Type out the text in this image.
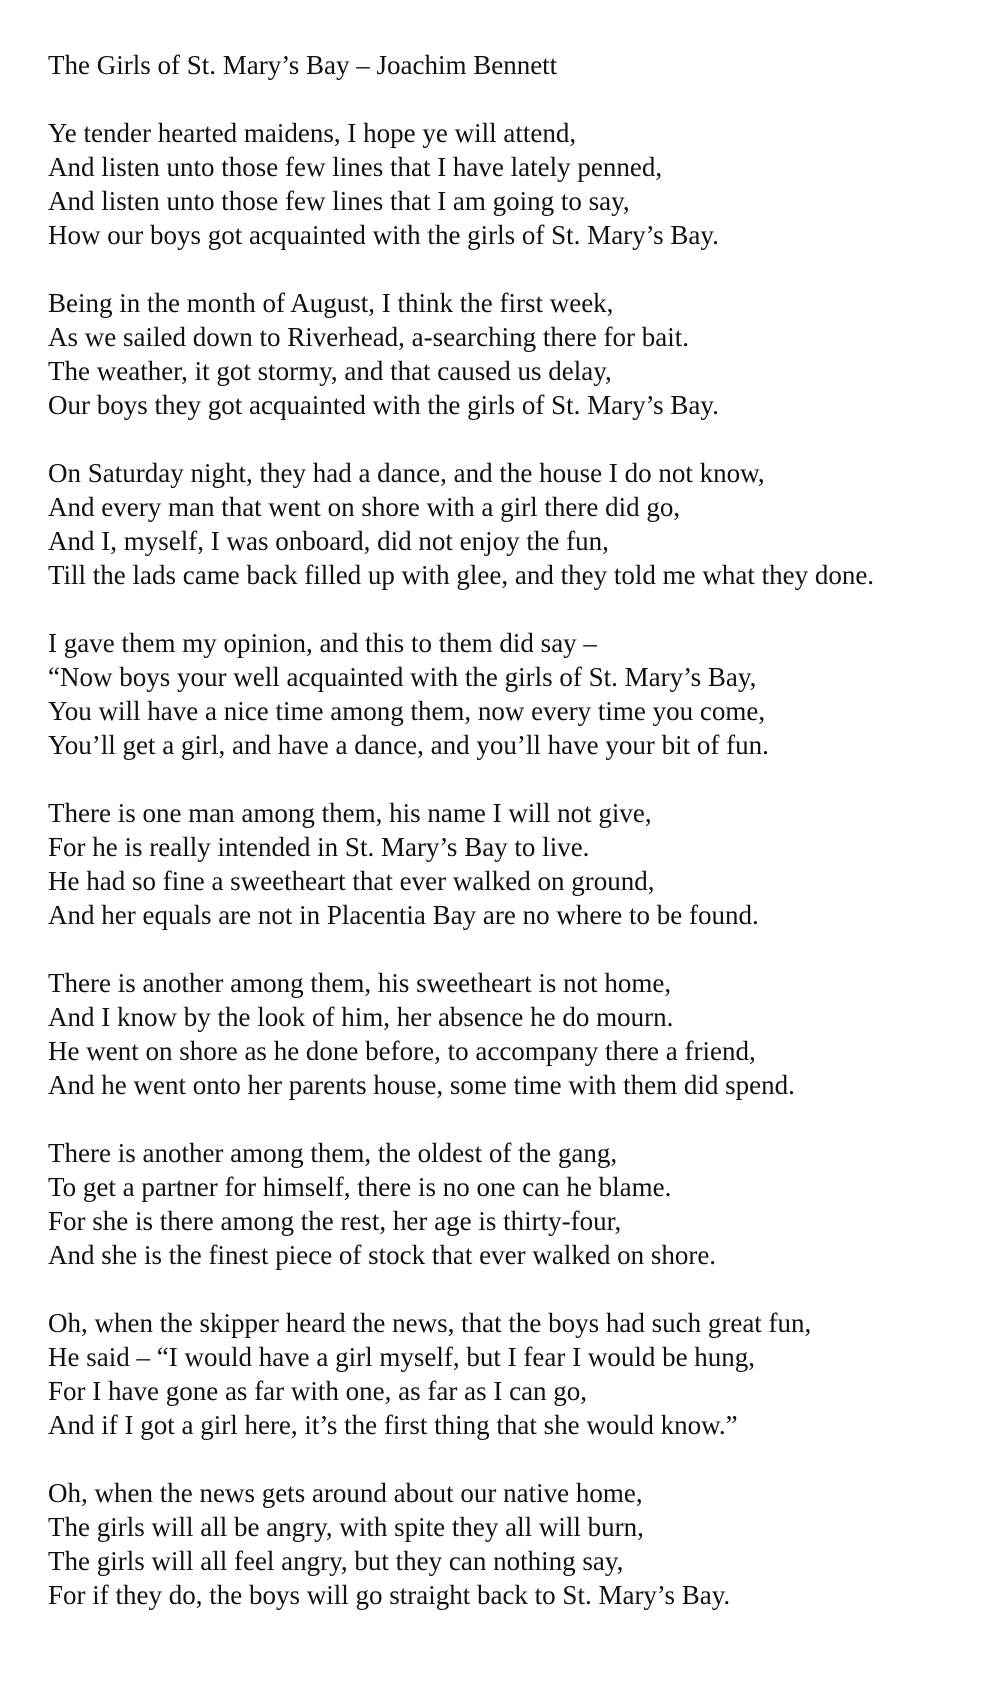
The Girls of St. Mary’s Bay – Joachim Bennett
Ye tender hearted maidens, I hope ye will attend,
And listen unto those few lines that I have lately penned,
And listen unto those few lines that I am going to say,
How our boys got acquainted with the girls of St. Mary’s Bay.
Being in the month of August, I think the first week,
As we sailed down to Riverhead, a-searching there for bait.
The weather, it got stormy, and that caused us delay,
Our boys they got acquainted with the girls of St. Mary’s Bay.
On Saturday night, they had a dance, and the house I do not know,
And every man that went on shore with a girl there did go,
And I, myself, I was onboard, did not enjoy the fun,
Till the lads came back filled up with glee, and they told me what they done.
I gave them my opinion, and this to them did say –
“Now boys your well acquainted with the girls of St. Mary’s Bay,
You will have a nice time among them, now every time you come,
You’ll get a girl, and have a dance, and you’ll have your bit of fun.
There is one man among them, his name I will not give,
For he is really intended in St. Mary’s Bay to live.
He had so fine a sweetheart that ever walked on ground,
And her equals are not in Placentia Bay are no where to be found.
There is another among them, his sweetheart is not home,
And I know by the look of him, her absence he do mourn.
He went on shore as he done before, to accompany there a friend,
And he went onto her parents house, some time with them did spend.
There is another among them, the oldest of the gang,
To get a partner for himself, there is no one can he blame.
For she is there among the rest, her age is thirty-four,
And she is the finest piece of stock that ever walked on shore.
Oh, when the skipper heard the news, that the boys had such great fun,
He said – “I would have a girl myself, but I fear I would be hung,
For I have gone as far with one, as far as I can go,
And if I got a girl here, it’s the first thing that she would know.”
Oh, when the news gets around about our native home,
The girls will all be angry, with spite they all will burn,
The girls will all feel angry, but they can nothing say,
For if they do, the boys will go straight back to St. Mary’s Bay.
